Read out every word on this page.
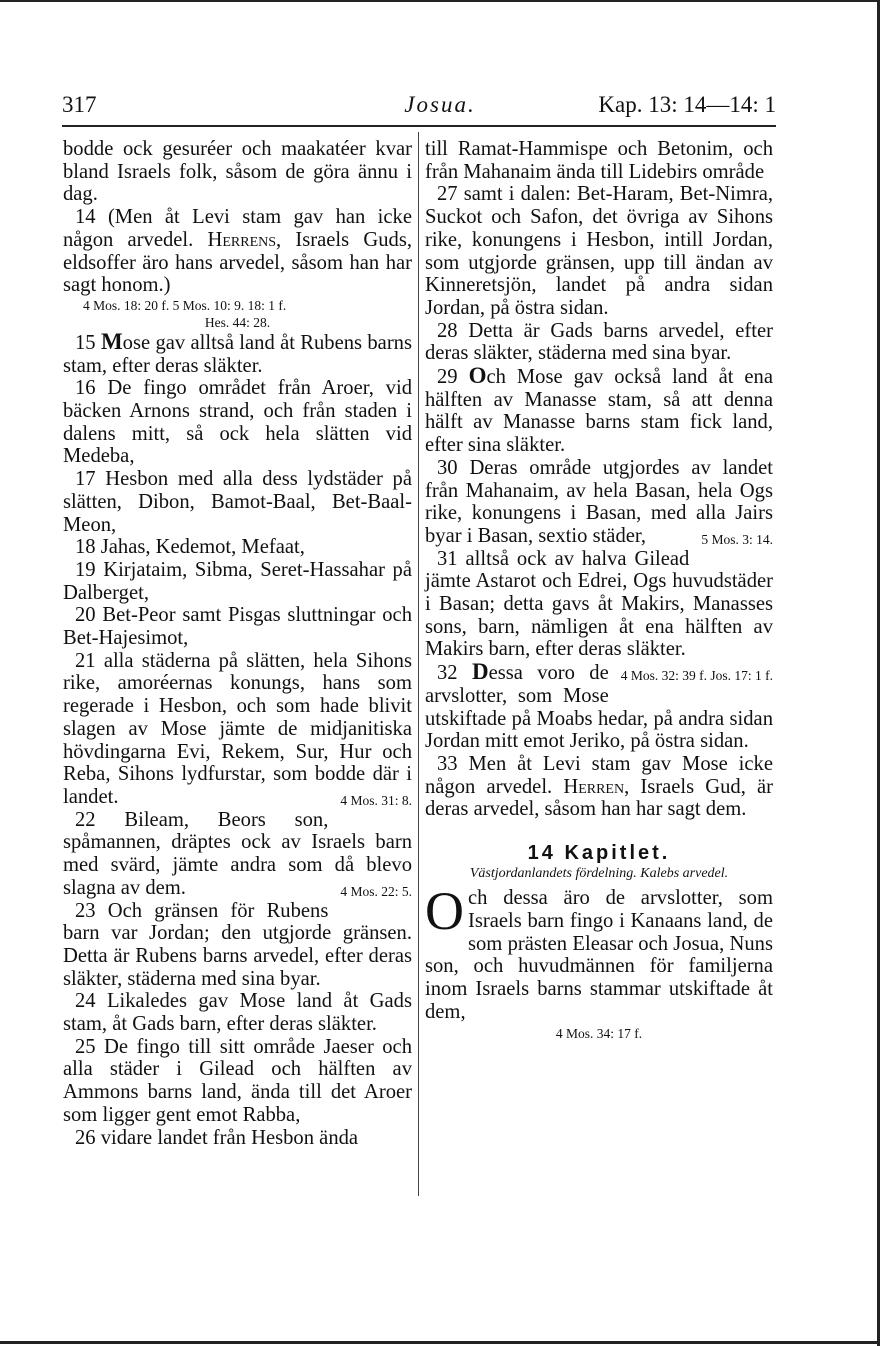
Josua.
317	Kap. 13: 14—14: 1

bodde ock gesuréer och maakatéer kvar bland Israels folk, såsom de göra ännu i dag.

14 (Men åt Levi stam gav han icke någon arvedel. Herrens, Israels Guds, eldsoffer äro hans arvedel, såsom han har sagt honom.)

4 Mos. 18: 20 f. 5 Mos. 10: 9. 18: 1 f.

Hes. 44: 28.

15 Mose gav alltså land åt Rubens barns stam, efter deras släkter.

16 De fingo området från Aroer, vid bäcken Arnons strand, och från staden i dalens mitt, så ock hela slätten vid Medeba,

17 Hesbon med alla dess lydstäder på slätten, Dibon, Bamot-Baal, Bet-Baal-Meon,

18 Jahas, Kedemot, Mefaat,

19 Kirjataim, Sibma, Seret-Hassahar på Dalberget,

20 Bet-Peor samt Pisgas sluttningar och Bet-Hajesimot,

21 alla städerna på slätten, hela Sihons rike, amoréernas konungs, hans som regerade i Hesbon, och som hade blivit slagen av Mose jämte de midjanitiska hövdingarna Evi, Rekem, Sur, Hur och Reba, Sihons lydfurstar, som bodde där i landet.	4 Mos. 31: 8.

22 Bileam, Beors son, spåmannen, dräptes ock av Israels barn med svärd, jämte andra som då blevo slagna av dem.	4 Mos. 22: 5.

23 Och gränsen för Rubens barn var Jordan; den utgjorde gränsen. Detta är Rubens barns arvedel, efter deras släkter, städerna med sina byar.

24 Likaledes gav Mose land åt Gads stam, åt Gads barn, efter deras släkter.

25 De fingo till sitt område Jaeser och alla städer i Gilead och hälften av Ammons barns land, ända till det Aroer som ligger gent emot Rabba,

26 vidare landet från Hesbon ända

till Ramat-Hammispe och Betonim, och från Mahanaim ända till Lidebirs område

27 samt i dalen: Bet-Haram, Bet-Nimra, Suckot och Safon, det övriga av Sihons rike, konungens i Hesbon, intill Jordan, som utgjorde gränsen, upp till ändan av Kinneretsjön, landet på andra sidan Jordan, på östra sidan.

28 Detta är Gads barns arvedel, efter deras släkter, städerna med sina byar.

29 Och Mose gav också land åt ena hälften av Manasse stam, så att denna hälft av Manasse barns stam fick land, efter sina släkter.

30 Deras område utgjordes av landet från Mahanaim, av hela Basan, hela Ogs rike, konungens i Basan, med alla Jairs byar i Basan, sextio städer,	5 Mos. 3: 14.

31 alltså ock av halva Gilead jämte Astarot och Edrei, Ogs huvudstäder i Basan; detta gavs åt Makirs, Manasses sons, barn, nämligen åt ena hälften av Makirs barn, efter deras släkter.
4 Mos. 32: 39 f. Jos. 17: 1 f.

32 Dessa voro de arvslotter, som Mose utskiftade på Moabs hedar, på andra sidan Jordan mitt emot Jeriko, på östra sidan.

33 Men åt Levi stam gav Mose icke någon arvedel. Herren, Israels Gud, är deras arvedel, såsom han har sagt dem.

14 Kapitlet.

Västjordanlandets fördelning. Kalebs arvedel.

Och dessa äro de arvslotter, som Israels barn fingo i Kanaans land, de som prästen Eleasar och Josua, Nuns son, och huvudmännen för familjerna inom Israels barns stammar utskiftade åt dem,

4 Mos. 34: 17 f.
